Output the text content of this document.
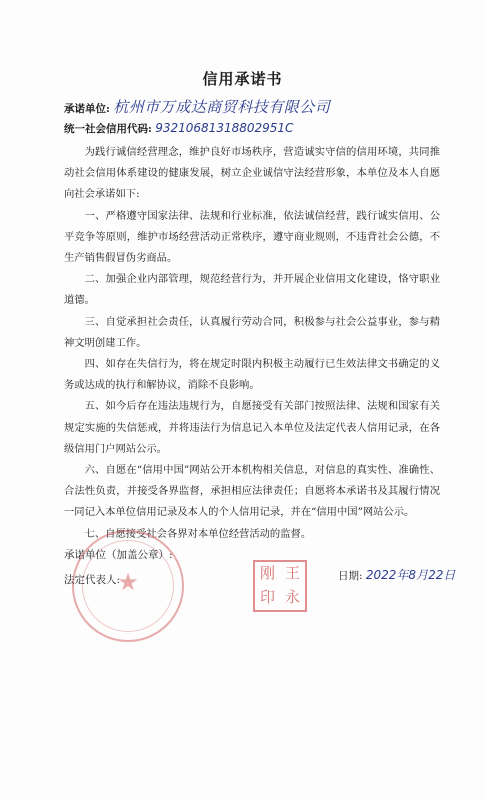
信用承诺书
承诺单位: 杭州市万成达商贸科技有限公司
统一社会信用代码: 93210681318802951C

为践行诚信经营理念，维护良好市场秩序，营造诚实守信的信用环境，共同推动社会信用体系建设的健康发展，树立企业诚信守法经营形象，本单位及本人自愿向社会承诺如下:

一、严格遵守国家法律、法规和行业标准，依法诚信经营，践行诚实信用、公平竞争等原则，维护市场经营活动正常秩序，遵守商业规则，不违背社会公德，不生产销售假冒伪劣商品。

二、加强企业内部管理，规范经营行为，并开展企业信用文化建设，恪守职业道德。

三、自觉承担社会责任，认真履行劳动合同，积极参与社会公益事业，参与精神文明创建工作。

四、如存在失信行为，将在规定时限内积极主动履行已生效法律文书确定的义务或达成的执行和解协议，消除不良影响。

五、如今后存在违法违规行为，自愿接受有关部门按照法律、法规和国家有关规定实施的失信惩戒，并将违法行为信息记入本单位及法定代表人信用记录，在各级信用门户网站公示。

六、自愿在“信用中国”网站公开本机构相关信息，对信息的真实性、准确性、合法性负责，并接受各界监督，承担相应法律责任；自愿将本承诺书及其履行情况一同记入本单位信用记录及本人的个人信用记录，并在“信用中国”网站公示。

七、自愿接受社会各界对本单位经营活动的监督。

★
承诺单位（加盖公章）:
法定代表人:	刚 王
印 永
日期: 2022年8月22日
